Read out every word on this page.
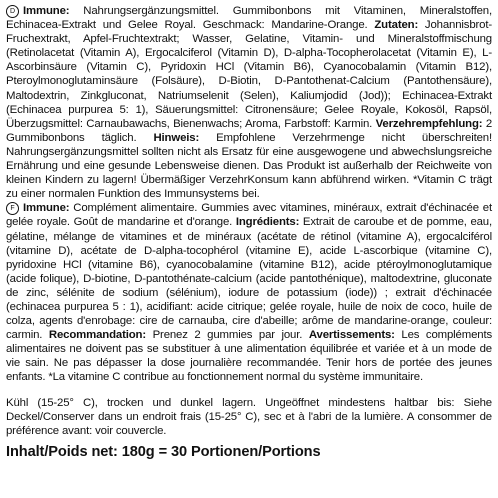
D Immune: Nahrungsergänzungsmittel. Gummibonbons mit Vitaminen, Mineralstoffen, Echinacea-Extrakt und Gelee Royal. Geschmack: Mandarine-Orange. Zutaten: Johannisbrot-Fruchextrakt, Apfel-Fruchtextrakt; Wasser, Gelatine, Vitamin- und Mineralstoffmischung (Retinolacetat (Vitamin A), Ergocalciferol (Vitamin D), D-alpha-Tocopherolacetat (Vitamin E), L-Ascorbinsäure (Vitamin C), Pyridoxin HCl (Vitamin B6), Cyanocobalamin (Vitamin B12), Pteroylmonoglutaminsäure (Folsäure), D-Biotin, D-Pantothenat-Calcium (Pantothensäure), Maltodextrin, Zinkgluconat, Natriumselenit (Selen), Kaliumjodid (Jod)); Echinacea-Extrakt (Echinacea purpurea 5: 1), Säuerungsmittel: Citronensäure; Gelee Royale, Kokosöl, Rapsöl, Überzugsmittel: Carnaubawachs, Bienenwachs; Aroma, Farbstoff: Karmin. Verzehrempfehlung: 2 Gummibonbons täglich. Hinweis: Empfohlene Verzehrmenge nicht überschreiten! Nahrungsergänzungsmittel sollten nicht als Ersatz für eine ausgewogene und abwechslungsreiche Ernährung und eine gesunde Lebensweise dienen. Das Produkt ist außerhalb der Reichweite von kleinen Kindern zu lagern! Übermäßiger VerzehrKonsum kann abführend wirken. *Vitamin C trägt zu einer normalen Funktion des Immunsystems bei.

F Immune: Complément alimentaire. Gummies avec vitamines, minéraux, extrait d'échinacée et gelée royale. Goût de mandarine et d'orange. Ingrédients: Extrait de caroube et de pomme, eau, gélatine, mélange de vitamines et de minéraux (acétate de rétinol (vitamine A), ergocalciférol (vitamine D), acétate de D-alpha-tocophérol (vitamine E), acide L-ascorbique (vitamine C), pyridoxine HCl (vitamine B6), cyanocobalamine (vitamine B12), acide ptéroylmonoglutamique (acide folique), D-biotine, D-pantothénate-calcium (acide pantothénique), maltodextrine, gluconate de zinc, sélénite de sodium (sélénium), iodure de potassium (iode)) ; extrait d'échinacée (echinacea purpurea 5 : 1), acidifiant: acide citrique; gelée royale, huile de noix de coco, huile de colza, agents d'enrobage: cire de carnauba, cire d'abeille; arôme de mandarine-orange, couleur: carmin. Recommandation: Prenez 2 gummies par jour. Avertissements: Les compléments alimentaires ne doivent pas se substituer à une alimentation équilibrée et variée et à un mode de vie sain. Ne pas dépasser la dose journalière recommandée. Tenir hors de portée des jeunes enfants. *La vitamine C contribue au fonctionnement normal du système immunitaire.

Kühl (15-25° C), trocken und dunkel lagern. Ungeöffnet mindestens haltbar bis: Siehe Deckel/Conserver dans un endroit frais (15-25° C), sec et à l'abri de la lumière. A consommer de préférence avant: voir couvercle.

Inhalt/Poids net: 180g = 30 Portionen/Portions
